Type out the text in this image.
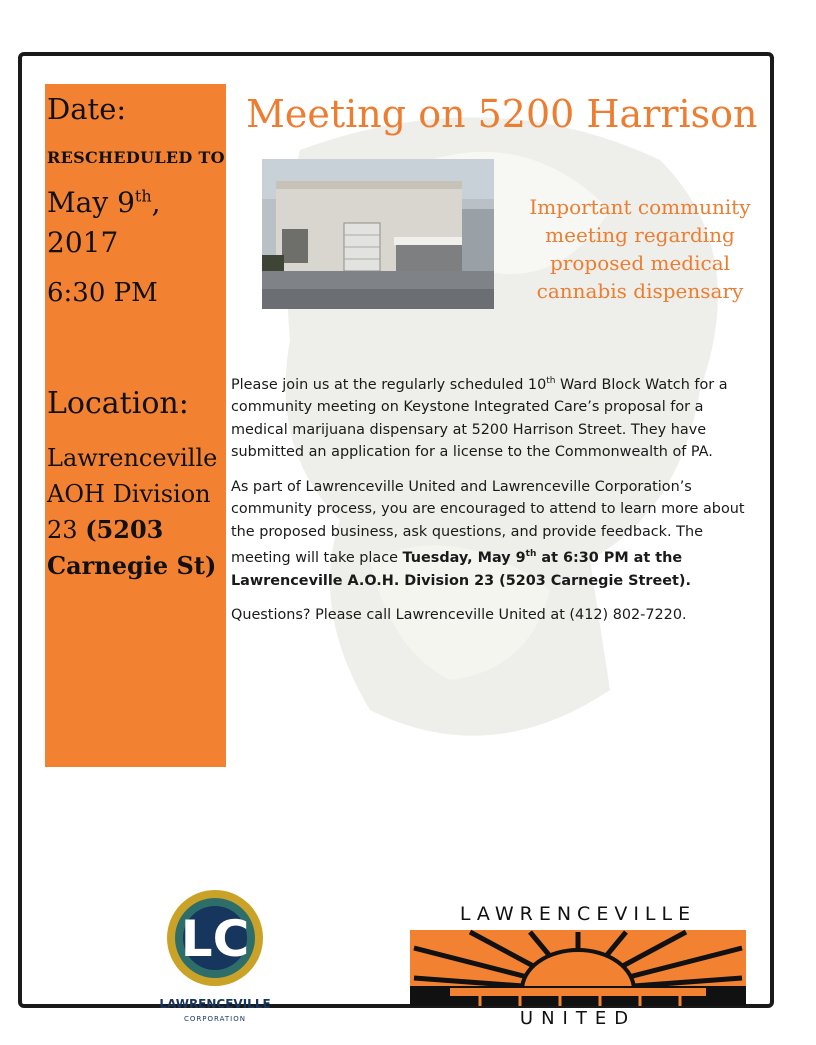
Date:
RESCHEDULED TO
May 9th,
2017
6:30 PM
Location:
Lawrenceville
AOH Division
23 (5203 Carnegie St)
Meeting on 5200 Harrison
Important community meeting regarding proposed medical cannabis dispensary

Please join us at the regularly scheduled 10th Ward Block Watch for a community meeting on Keystone Integrated Care’s proposal for a medical marijuana dispensary at 5200 Harrison Street. They have submitted an application for a license to the Commonwealth of PA.

As part of Lawrenceville United and Lawrenceville Corporation’s community process, you are encouraged to attend to learn more about the proposed business, ask questions, and provide feedback. The meeting will take place Tuesday, May 9th at 6:30 PM at the Lawrenceville A.O.H. Division 23 (5203 Carnegie Street).

Questions? Please call Lawrenceville United at (412) 802-7220.

LC
LAWRENCEVILLE
CORPORATION
LAWRENCEVILLE
UNITED
